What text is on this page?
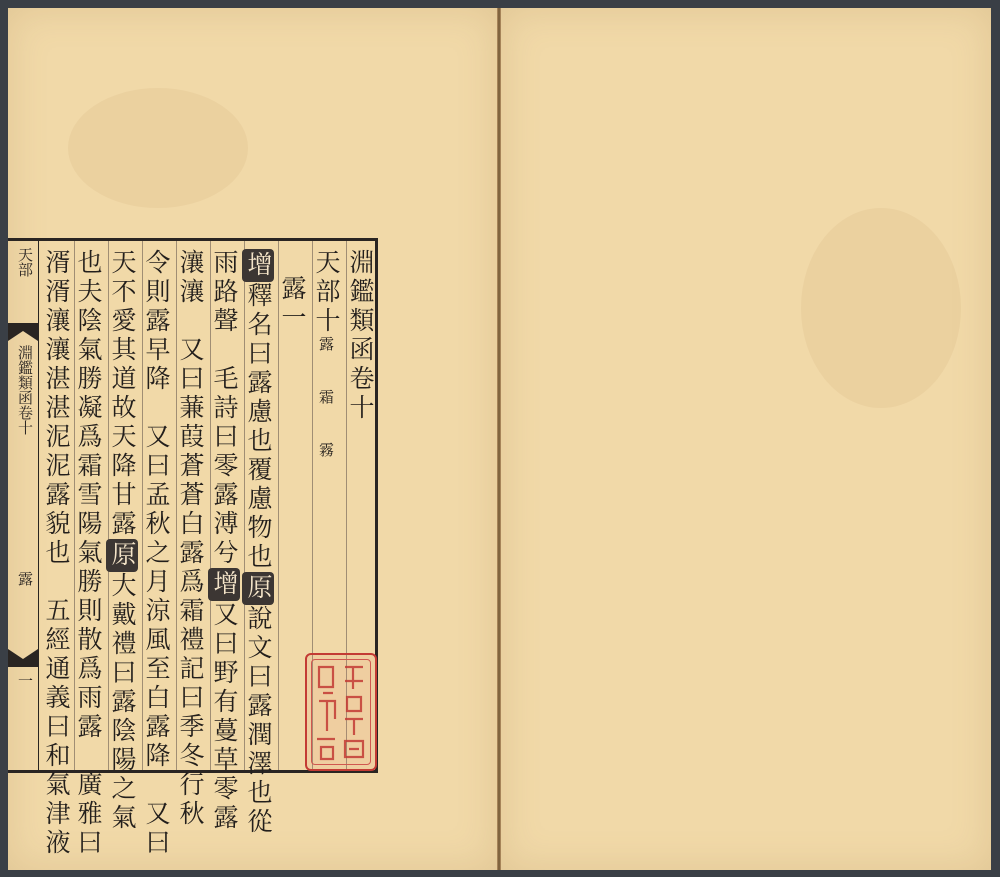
天部
淵鑑類函卷十
露
一
淵鑑類函卷十
天部十露 霜 霧
露一
增釋名曰露慮也覆慮物也原說文曰露潤澤也從
雨路聲　毛詩曰零露溥兮增又曰野有蔓草零露
瀼瀼　又曰蒹葭蒼蒼白露爲霜禮記曰季冬行秋
令則露早降　又曰孟秋之月涼風至白露降　又曰
天不愛其道故天降甘露原大戴禮曰露陰陽之氣
也夫陰氣勝凝爲霜雪陽氣勝則散爲雨露　廣雅曰
湑湑瀼瀼湛湛泥泥露貌也　五經通義曰和氣津液
